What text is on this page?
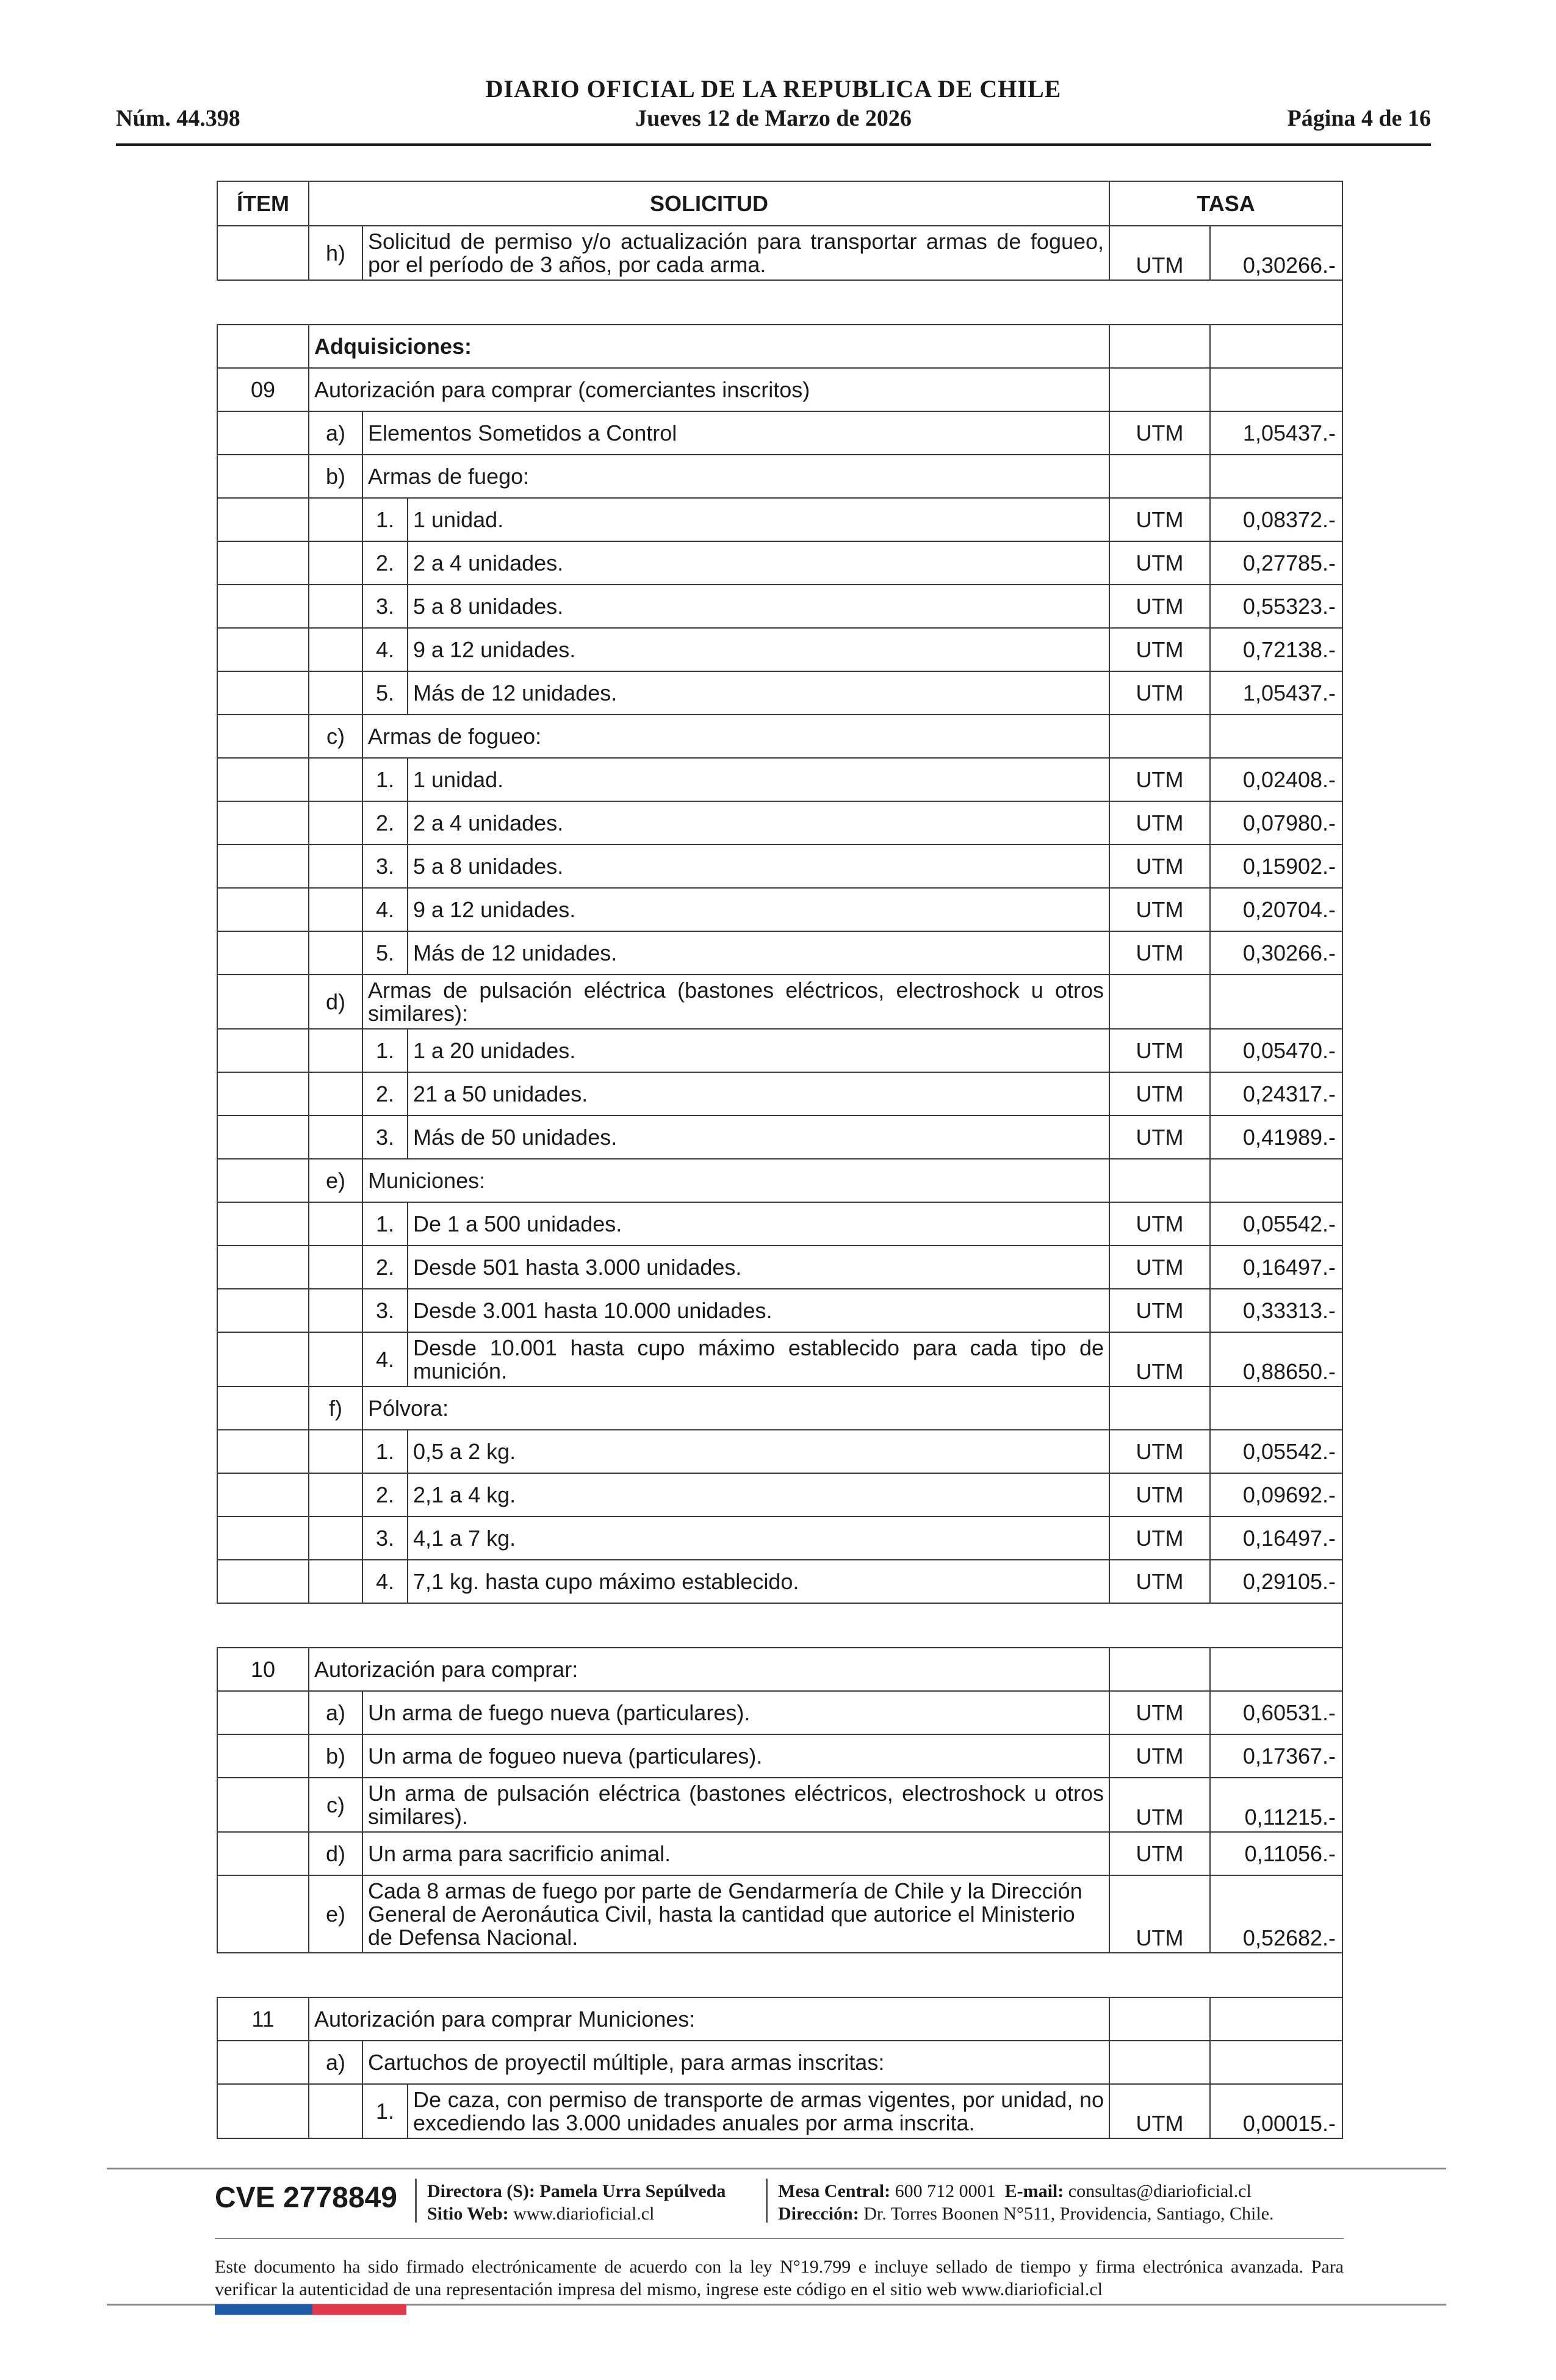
DIARIO OFICIAL DE LA REPUBLICA DE CHILE
Núm. 44.398	Jueves 12 de Marzo de 2026	Página 4 de 16
ÍTEM	SOLICITUD			TASA	
	h)	Solicitud de permiso y/o actualización para transportar armas de fogueo, por el período de 3 años, por cada arma.		UTM	0,30266.-

	Adquisiciones:				
09	Autorización para comprar (comerciantes inscritos)				
	a)	Elementos Sometidos a Control		UTM	1,05437.-
	b)	Armas de fuego:			
		1.	1 unidad.	UTM	0,08372.-
		2.	2 a 4 unidades.	UTM	0,27785.-
		3.	5 a 8 unidades.	UTM	0,55323.-
		4.	9 a 12 unidades.	UTM	0,72138.-
		5.	Más de 12 unidades.	UTM	1,05437.-
	c)	Armas de fogueo:			
		1.	1 unidad.	UTM	0,02408.-
		2.	2 a 4 unidades.	UTM	0,07980.-
		3.	5 a 8 unidades.	UTM	0,15902.-
		4.	9 a 12 unidades.	UTM	0,20704.-
		5.	Más de 12 unidades.	UTM	0,30266.-
	d)	Armas de pulsación eléctrica (bastones eléctricos, electroshock u otros similares):			
		1.	1 a 20 unidades.	UTM	0,05470.-
		2.	21 a 50 unidades.	UTM	0,24317.-
		3.	Más de 50 unidades.	UTM	0,41989.-
	e)	Municiones:			
		1.	De 1 a 500 unidades.	UTM	0,05542.-
		2.	Desde 501 hasta 3.000 unidades.	UTM	0,16497.-
		3.	Desde 3.001 hasta 10.000 unidades.	UTM	0,33313.-
		4.	Desde 10.001 hasta cupo máximo establecido para cada tipo de munición.	UTM	0,88650.-
	f)	Pólvora:			
		1.	0,5 a 2 kg.	UTM	0,05542.-
		2.	2,1 a 4 kg.	UTM	0,09692.-
		3.	4,1 a 7 kg.	UTM	0,16497.-
		4.	7,1 kg. hasta cupo máximo establecido.	UTM	0,29105.-

10	Autorización para comprar:				
	a)	Un arma de fuego nueva (particulares).		UTM	0,60531.-
	b)	Un arma de fogueo nueva (particulares).		UTM	0,17367.-
	c)	Un arma de pulsación eléctrica (bastones eléctricos, electroshock u otros similares).		UTM	0,11215.-
	d)	Un arma para sacrificio animal.		UTM	0,11056.-
	e)	Cada 8 armas de fuego por parte de Gendarmería de Chile y la Dirección General de Aeronáutica Civil, hasta la cantidad que autorice el Ministerio de Defensa Nacional.		UTM	0,52682.-

11	Autorización para comprar Municiones:				
	a)	Cartuchos de proyectil múltiple, para armas inscritas:			
		1.	De caza, con permiso de transporte de armas vigentes, por unidad, no excediendo las 3.000 unidades anuales por arma inscrita.	UTM	0,00015.-
CVE 2778849 Directora (S): Pamela Urra Sepúlveda
Sitio Web: www.diarioficial.cl
Mesa Central: 600 712 0001 E-mail: consultas@diarioficial.cl
Dirección: Dr. Torres Boonen N°511, Providencia, Santiago, Chile.
Este documento ha sido firmado electrónicamente de acuerdo con la ley N°19.799 e incluye sellado de tiempo y firma electrónica avanzada. Para verificar la autenticidad de una representación impresa del mismo, ingrese este código en el sitio web www.diarioficial.cl
